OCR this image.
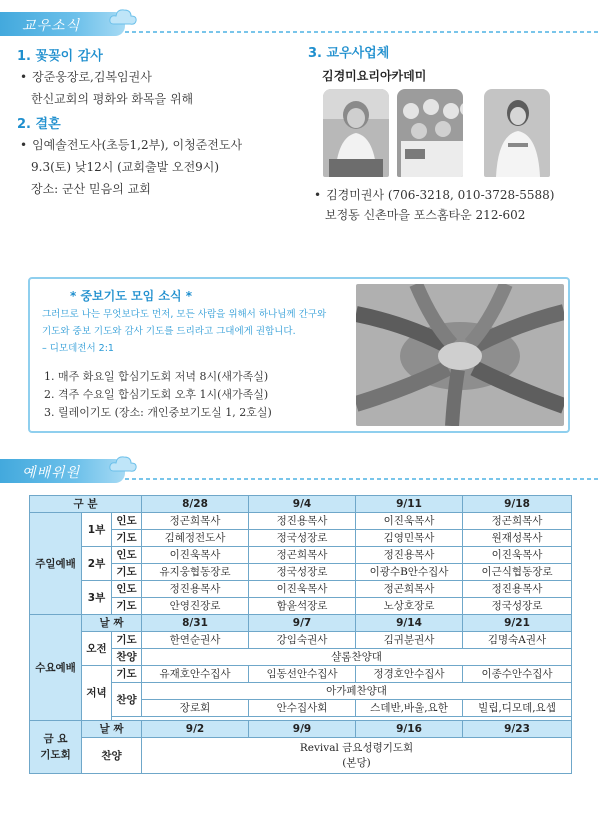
교우소식
1. 꽃꽂이 감사
• 장준웅장로,김복임권사
한신교회의 평화와 화목을 위해
2. 결혼
• 임예솔전도사(초등1,2부), 이청준전도사
9.3(토) 낮12시 (교회출발 오전9시)
장소: 군산 믿음의 교회
3. 교우사업체
김경미요리아카데미
• 김경미권사 (706-3218, 010-3728-5588)
보정동 신촌마을 포스홈타운 212-602
* 중보기도 모임 소식 *
그러므로 나는 무엇보다도 먼저, 모든 사람을 위해서 하나님께 간구와
기도와 중보 기도와 감사 기도를 드리라고 그대에게 권합니다.
– 디모데전서 2:1
1. 매주 화요일 합심기도회 저녁 8시(새가족실)
2. 격주 수요일 합심기도회 오후 1시(새가족실)
3. 릴레이기도 (장소: 개인중보기도실 1, 2호실)
예배위원
구 분			8/28	9/4	9/11	9/18
주일예배	1부	인도	정곤희목사	정진용목사	이진욱목사	정곤희목사
		기도	김혜정전도사	정국성장로	김영민목사	원재성목사
	2부	인도	이진욱목사	정곤희목사	정진용목사	이진욱목사
		기도	유지웅협동장로	정국성장로	이광수B안수집사	이근식협동장로
	3부	인도	정진용목사	이진욱목사	정곤희목사	정진용목사
		기도	안영진장로	함윤석장로	노상호장로	정국성장로
수요예배	날 짜		8/31	9/7	9/14	9/21
	오전	기도	한연순권사	강임숙권사	김귀분권사	김명숙A권사
		찬양	샬롬찬양대			
	저녁	기도	유재호안수집사	임동선안수집사	정경호안수집사	이종수안수집사
		찬양	아가페찬양대			
			장로회	안수집사회	스데반,바울,요한	빌립,디모데,요셉

금 요
기도회	날 짜		9/2	9/9	9/16	9/23
	찬양		Revival 금요성령기도회
(본당)			
